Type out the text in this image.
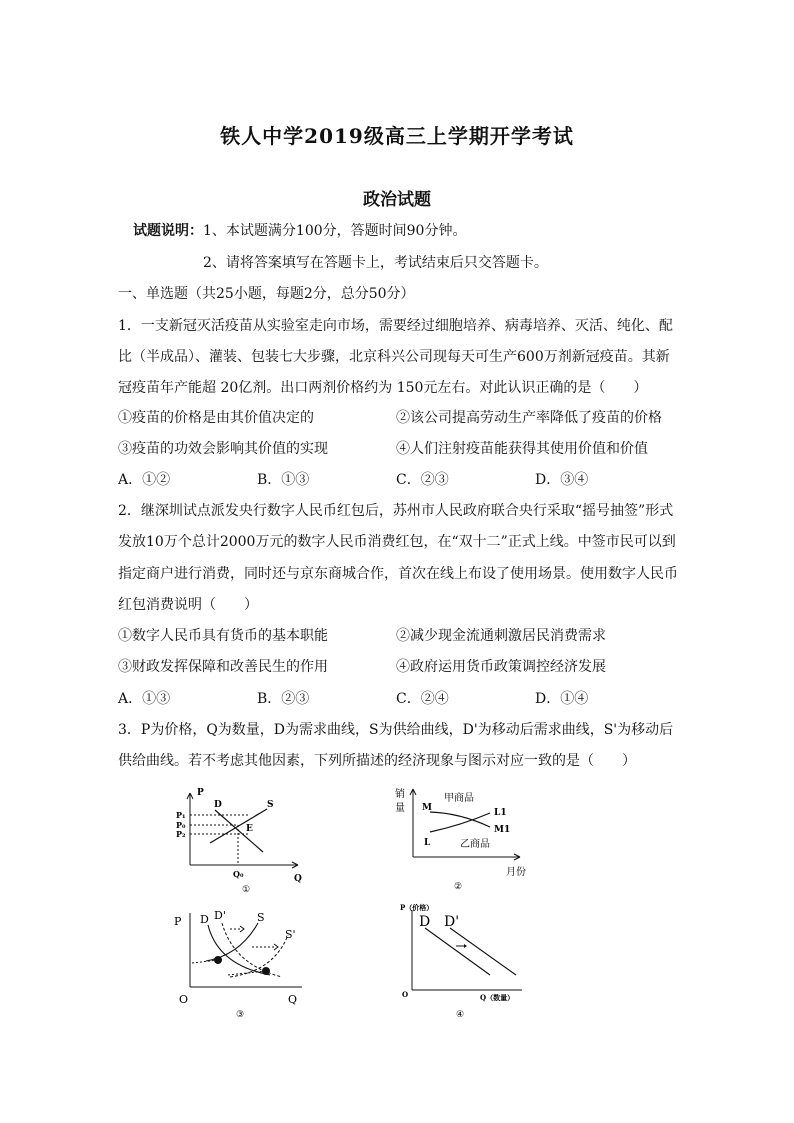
铁人中学2019级高三上学期开学考试
政治试题
试题说明：1、本试题满分100分，答题时间90分钟。
2、请将答案填写在答题卡上，考试结束后只交答题卡。
一、单选题（共25小题，每题2分，总分50分）
1．一支新冠灭活疫苗从实验室走向市场，需要经过细胞培养、病毒培养、灭活、纯化、配
比（半成品）、灌装、包装七大步骤，北京科兴公司现每天可生产600万剂新冠疫苗。其新
冠疫苗年产能超 20亿剂。出口两剂价格约为 150元左右。对此认识正确的是（　　）
①疫苗的价格是由其价值决定的	②该公司提高劳动生产率降低了疫苗的价格
③疫苗的功效会影响其价值的实现	④人们注射疫苗能获得其使用价值和价值
A．①②	B．①③	C．②③	D．③④
2．继深圳试点派发央行数字人民币红包后，苏州市人民政府联合央行采取“摇号抽签”形式
发放10万个总计2000万元的数字人民币消费红包，在“双十二”正式上线。中签市民可以到
指定商户进行消费，同时还与京东商城合作，首次在线上布设了使用场景。使用数字人民币
红包消费说明（　　）
①数字人民币具有货币的基本职能	②减少现金流通刺激居民消费需求
③财政发挥保障和改善民生的作用	④政府运用货币政策调控经济发展
A．①③	B．②③	C．②④	D．①④
3．P为价格，Q为数量，D为需求曲线，S为供给曲线，D'为移动后需求曲线，S'为移动后
供给曲线。若不考虑其他因素，下列所描述的经济现象与图示对应一致的是（　　）
P
Q
D	S
E
P₁
P₀
P₂
Q₀
①
销
量
月份
M
L
L1
M1
甲商品
乙商品
②
P
Q
O
D D'	S
S'
③
P（价格）
Q（数量）
O
D D'
④
